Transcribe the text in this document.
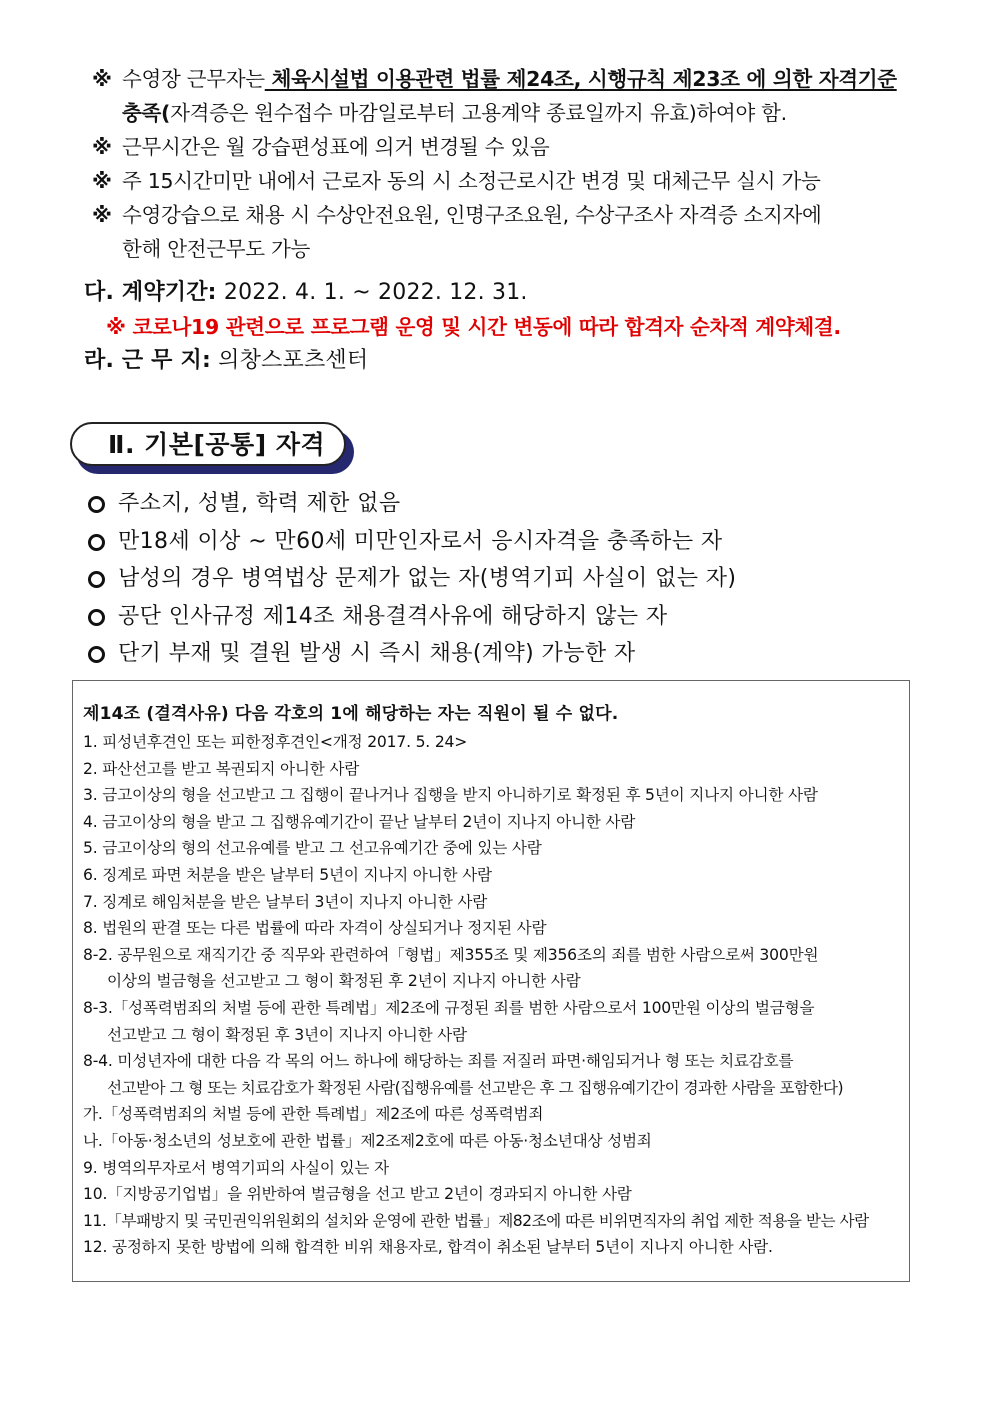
※ 수영장 근무자는 체육시설법 이용관련 법률 제24조, 시행규칙 제23조 에 의한 자격기준
충족(자격증은 원수접수 마감일로부터 고용계약 종료일까지 유효)하여야 함.
※ 근무시간은 월 강습편성표에 의거 변경될 수 있음
※ 주 15시간미만 내에서 근로자 동의 시 소정근로시간 변경 및 대체근무 실시 가능
※ 수영강습으로 채용 시 수상안전요원, 인명구조요원, 수상구조사 자격증 소지자에
한해 안전근무도 가능
다. 계약기간: 2022. 4. 1. ~ 2022. 12. 31.
※ 코로나19 관련으로 프로그램 운영 및 시간 변동에 따라 합격자 순차적 계약체결.
라. 근 무 지: 의창스포츠센터
Ⅱ. 기본[공통] 자격
주소지, 성별, 학력 제한 없음
만18세 이상 ~ 만60세 미만인자로서 응시자격을 충족하는 자
남성의 경우 병역법상 문제가 없는 자(병역기피 사실이 없는 자)
공단 인사규정 제14조 채용결격사유에 해당하지 않는 자
단기 부재 및 결원 발생 시 즉시 채용(계약) 가능한 자
제14조 (결격사유) 다음 각호의 1에 해당하는 자는 직원이 될 수 없다.
1. 피성년후견인 또는 피한정후견인<개정 2017. 5. 24>
2. 파산선고를 받고 복권되지 아니한 사람
3. 금고이상의 형을 선고받고 그 집행이 끝나거나 집행을 받지 아니하기로 확정된 후 5년이 지나지 아니한 사람
4. 금고이상의 형을 받고 그 집행유예기간이 끝난 날부터 2년이 지나지 아니한 사람
5. 금고이상의 형의 선고유예를 받고 그 선고유예기간 중에 있는 사람
6. 징계로 파면 처분을 받은 날부터 5년이 지나지 아니한 사람
7. 징계로 해임처분을 받은 날부터 3년이 지나지 아니한 사람
8. 법원의 판결 또는 다른 법률에 따라 자격이 상실되거나 정지된 사람
8-2. 공무원으로 재직기간 중 직무와 관련하여「형법」제355조 및 제356조의 죄를 범한 사람으로써 300만원
이상의 벌금형을 선고받고 그 형이 확정된 후 2년이 지나지 아니한 사람
8-3.「성폭력범죄의 처벌 등에 관한 특례법」제2조에 규정된 죄를 범한 사람으로서 100만원 이상의 벌금형을
선고받고 그 형이 확정된 후 3년이 지나지 아니한 사람
8-4. 미성년자에 대한 다음 각 목의 어느 하나에 해당하는 죄를 저질러 파면·해임되거나 형 또는 치료감호를
선고받아 그 형 또는 치료감호가 확정된 사람(집행유예를 선고받은 후 그 집행유예기간이 경과한 사람을 포함한다)
가.「성폭력범죄의 처벌 등에 관한 특례법」제2조에 따른 성폭력범죄
나.「아동·청소년의 성보호에 관한 법률」제2조제2호에 따른 아동·청소년대상 성범죄
9. 병역의무자로서 병역기피의 사실이 있는 자
10.「지방공기업법」을 위반하여 벌금형을 선고 받고 2년이 경과되지 아니한 사람
11.「부패방지 및 국민권익위원회의 설치와 운영에 관한 법률」제82조에 따른 비위면직자의 취업 제한 적용을 받는 사람
12. 공정하지 못한 방법에 의해 합격한 비위 채용자로, 합격이 취소된 날부터 5년이 지나지 아니한 사람.
